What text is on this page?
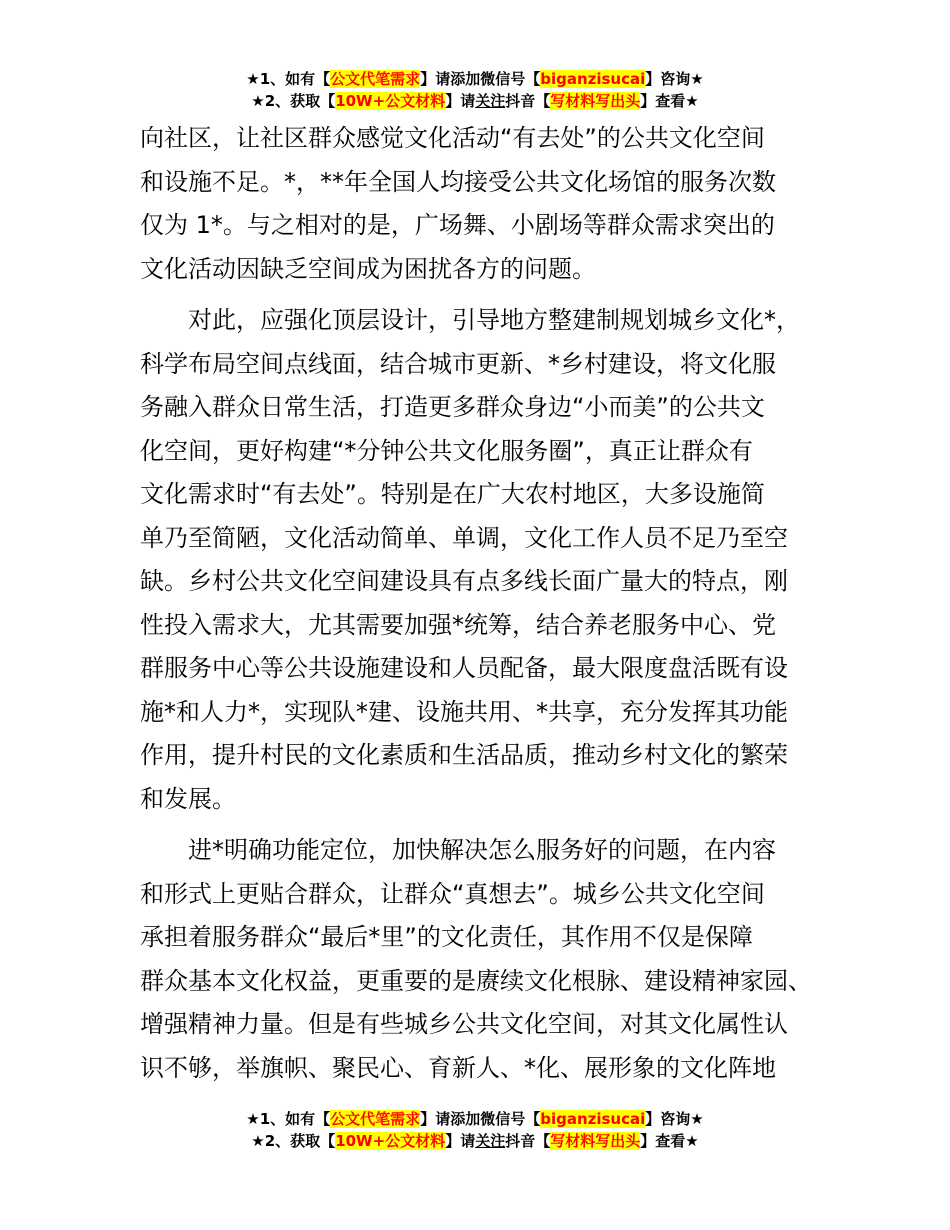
★1、如有【公文代笔需求】请添加微信号【biganzisucai】咨询★
★2、获取【10W+公文材料】请关注抖音【写材料写出头】查看★
向社区，让社区群众感觉文化活动“有去处”的公共文化空间
和设施不足。*，**年全国人均接受公共文化场馆的服务次数
仅为 1*。与之相对的是，广场舞、小剧场等群众需求突出的
文化活动因缺乏空间成为困扰各方的问题。
对此，应强化顶层设计，引导地方整建制规划城乡文化*，
科学布局空间点线面，结合城市更新、*乡村建设，将文化服
务融入群众日常生活，打造更多群众身边“小而美”的公共文
化空间，更好构建“*分钟公共文化服务圈”，真正让群众有
文化需求时“有去处”。特别是在广大农村地区，大多设施简
单乃至简陋，文化活动简单、单调，文化工作人员不足乃至空
缺。乡村公共文化空间建设具有点多线长面广量大的特点，刚
性投入需求大，尤其需要加强*统筹，结合养老服务中心、党
群服务中心等公共设施建设和人员配备，最大限度盘活既有设
施*和人力*，实现队*建、设施共用、*共享，充分发挥其功能
作用，提升村民的文化素质和生活品质，推动乡村文化的繁荣
和发展。
进*明确功能定位，加快解决怎么服务好的问题，在内容
和形式上更贴合群众，让群众“真想去”。城乡公共文化空间
承担着服务群众“最后*里”的文化责任，其作用不仅是保障
群众基本文化权益，更重要的是赓续文化根脉、建设精神家园、
增强精神力量。但是有些城乡公共文化空间，对其文化属性认
识不够，举旗帜、聚民心、育新人、*化、展形象的文化阵地
★1、如有【公文代笔需求】请添加微信号【biganzisucai】咨询★
★2、获取【10W+公文材料】请关注抖音【写材料写出头】查看★
